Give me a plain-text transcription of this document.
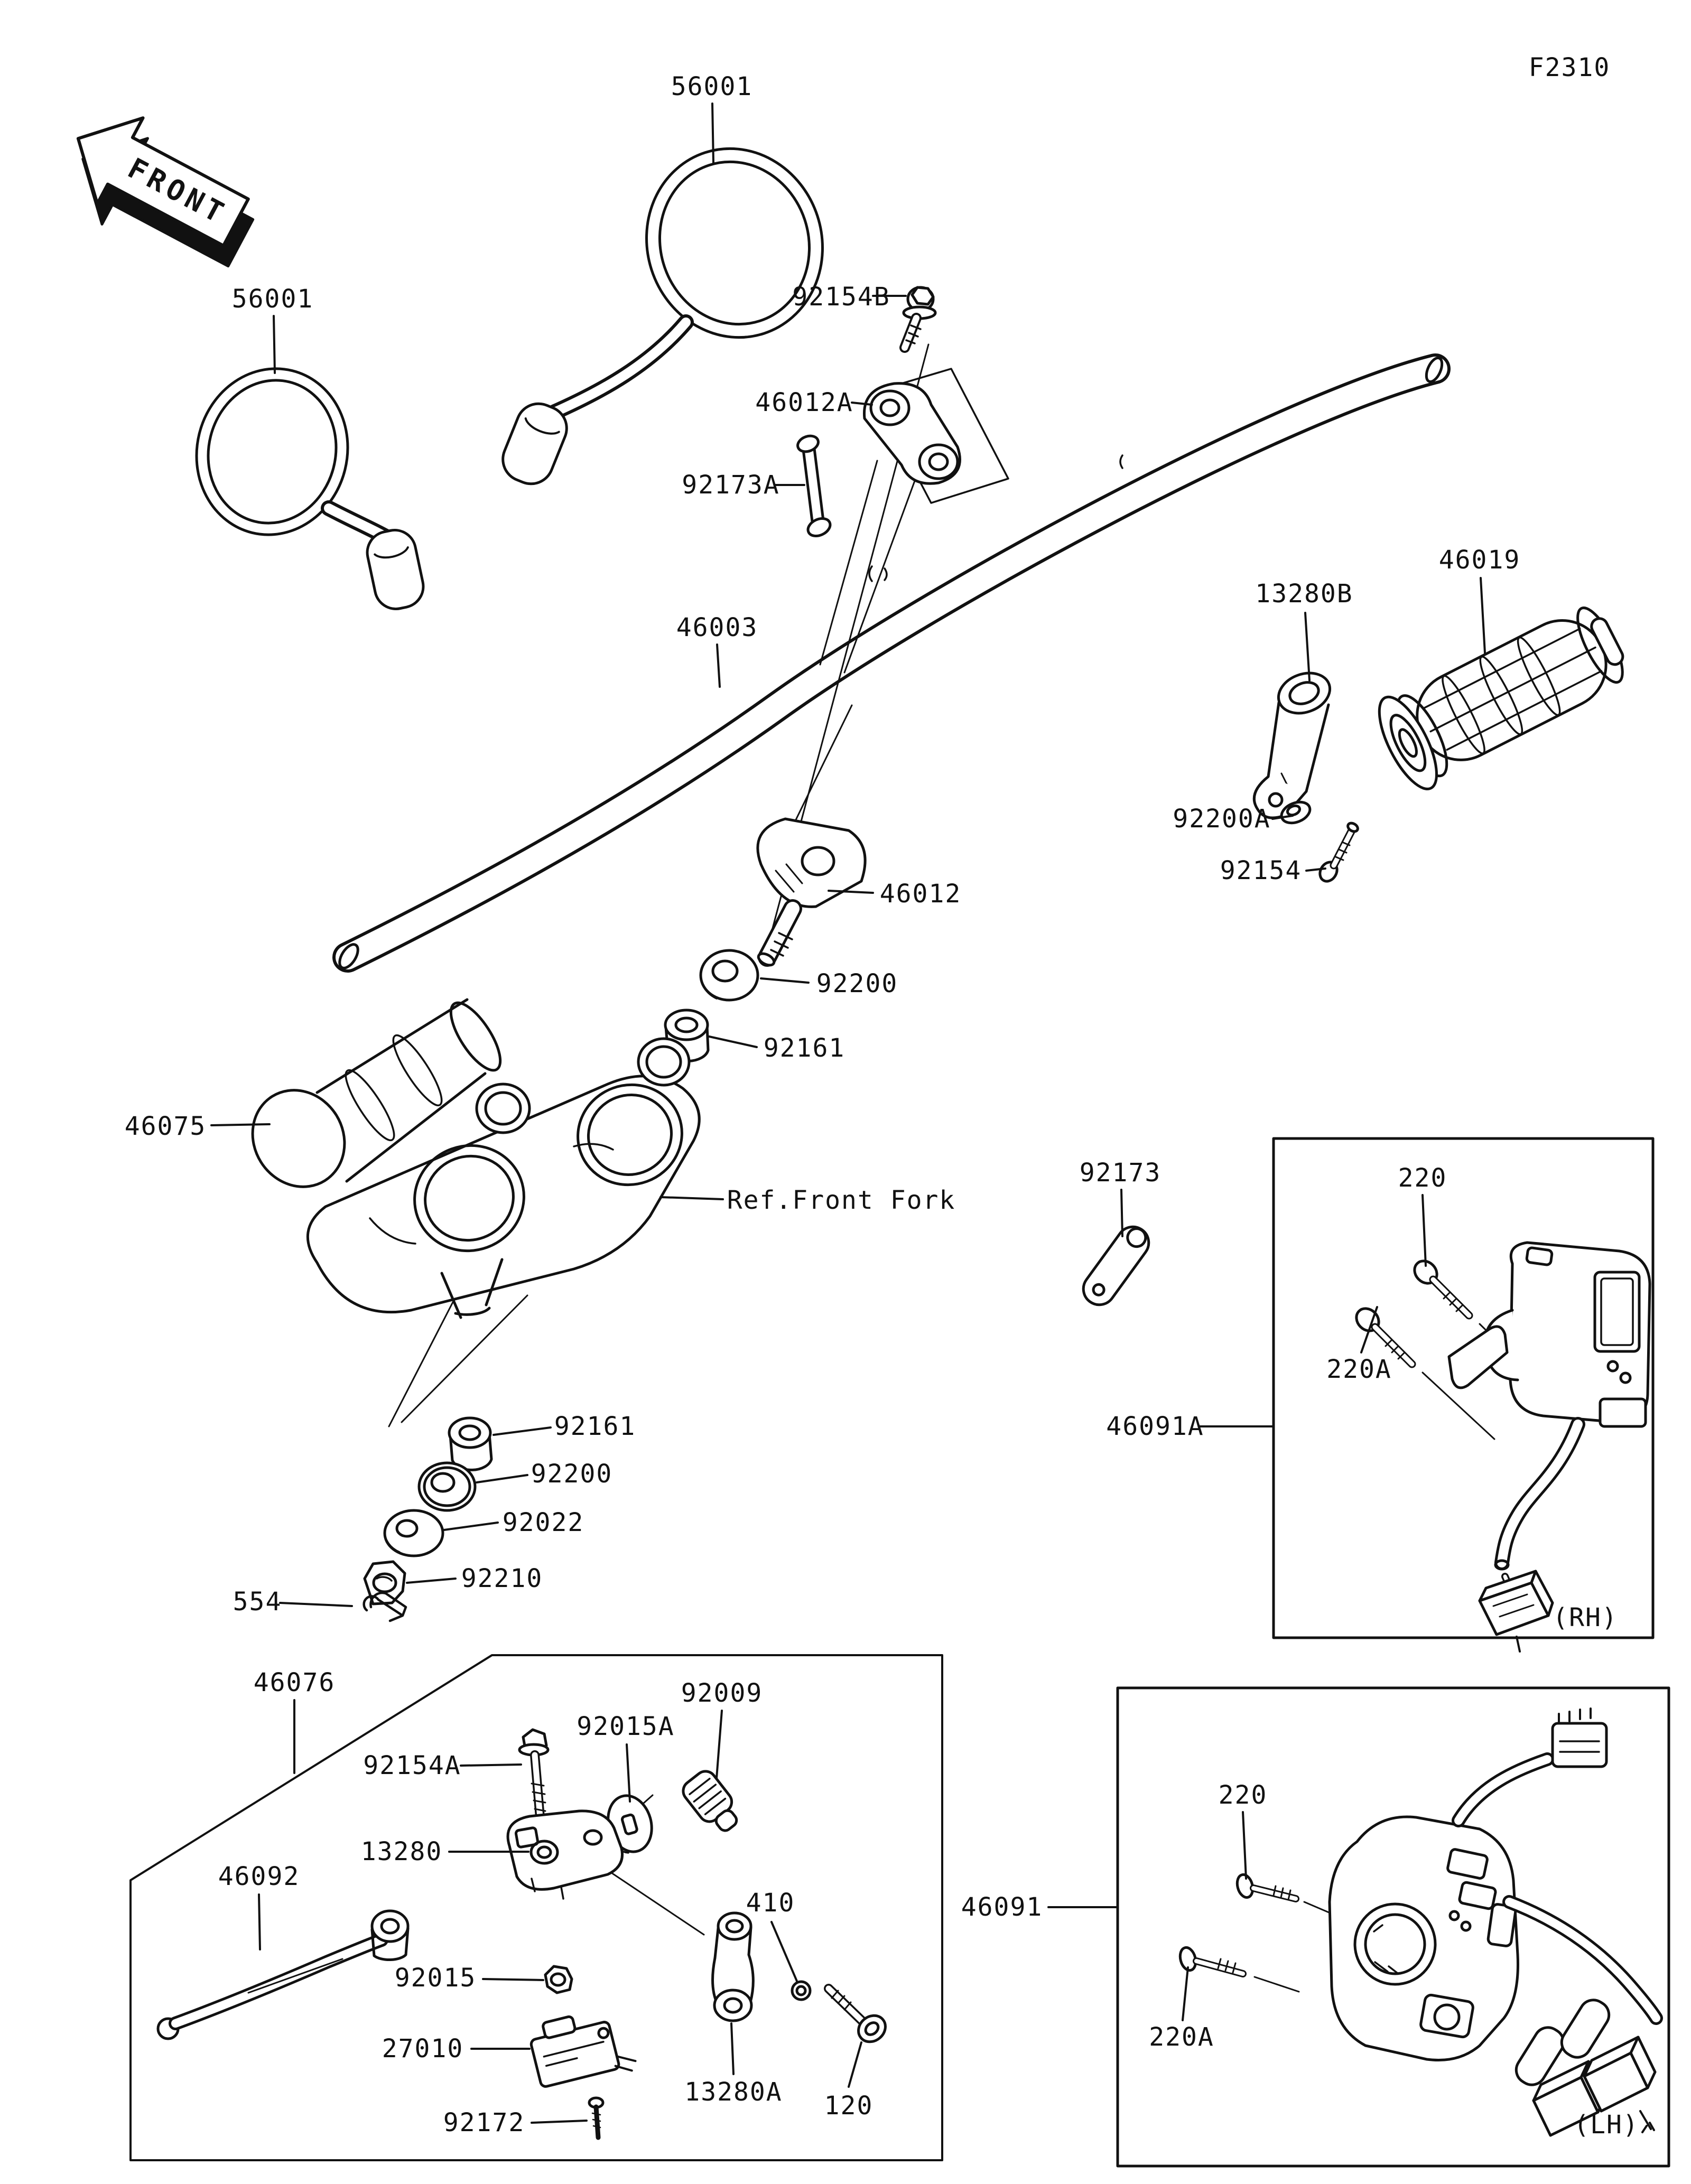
F2310
FRONT
56001
56001	92154B
46012A
92173A
46003
13280B
46019
92200A
92154
46012
92200
92161
46075
Ref.Front Fork
92173	220
220A
46091A
(RH)
92161
92200
92022
92210
554
46076	92009
92015A
92154A
13280
46092
410
92015
27010
92172
13280A 120
46091
220
220A
(LH)
